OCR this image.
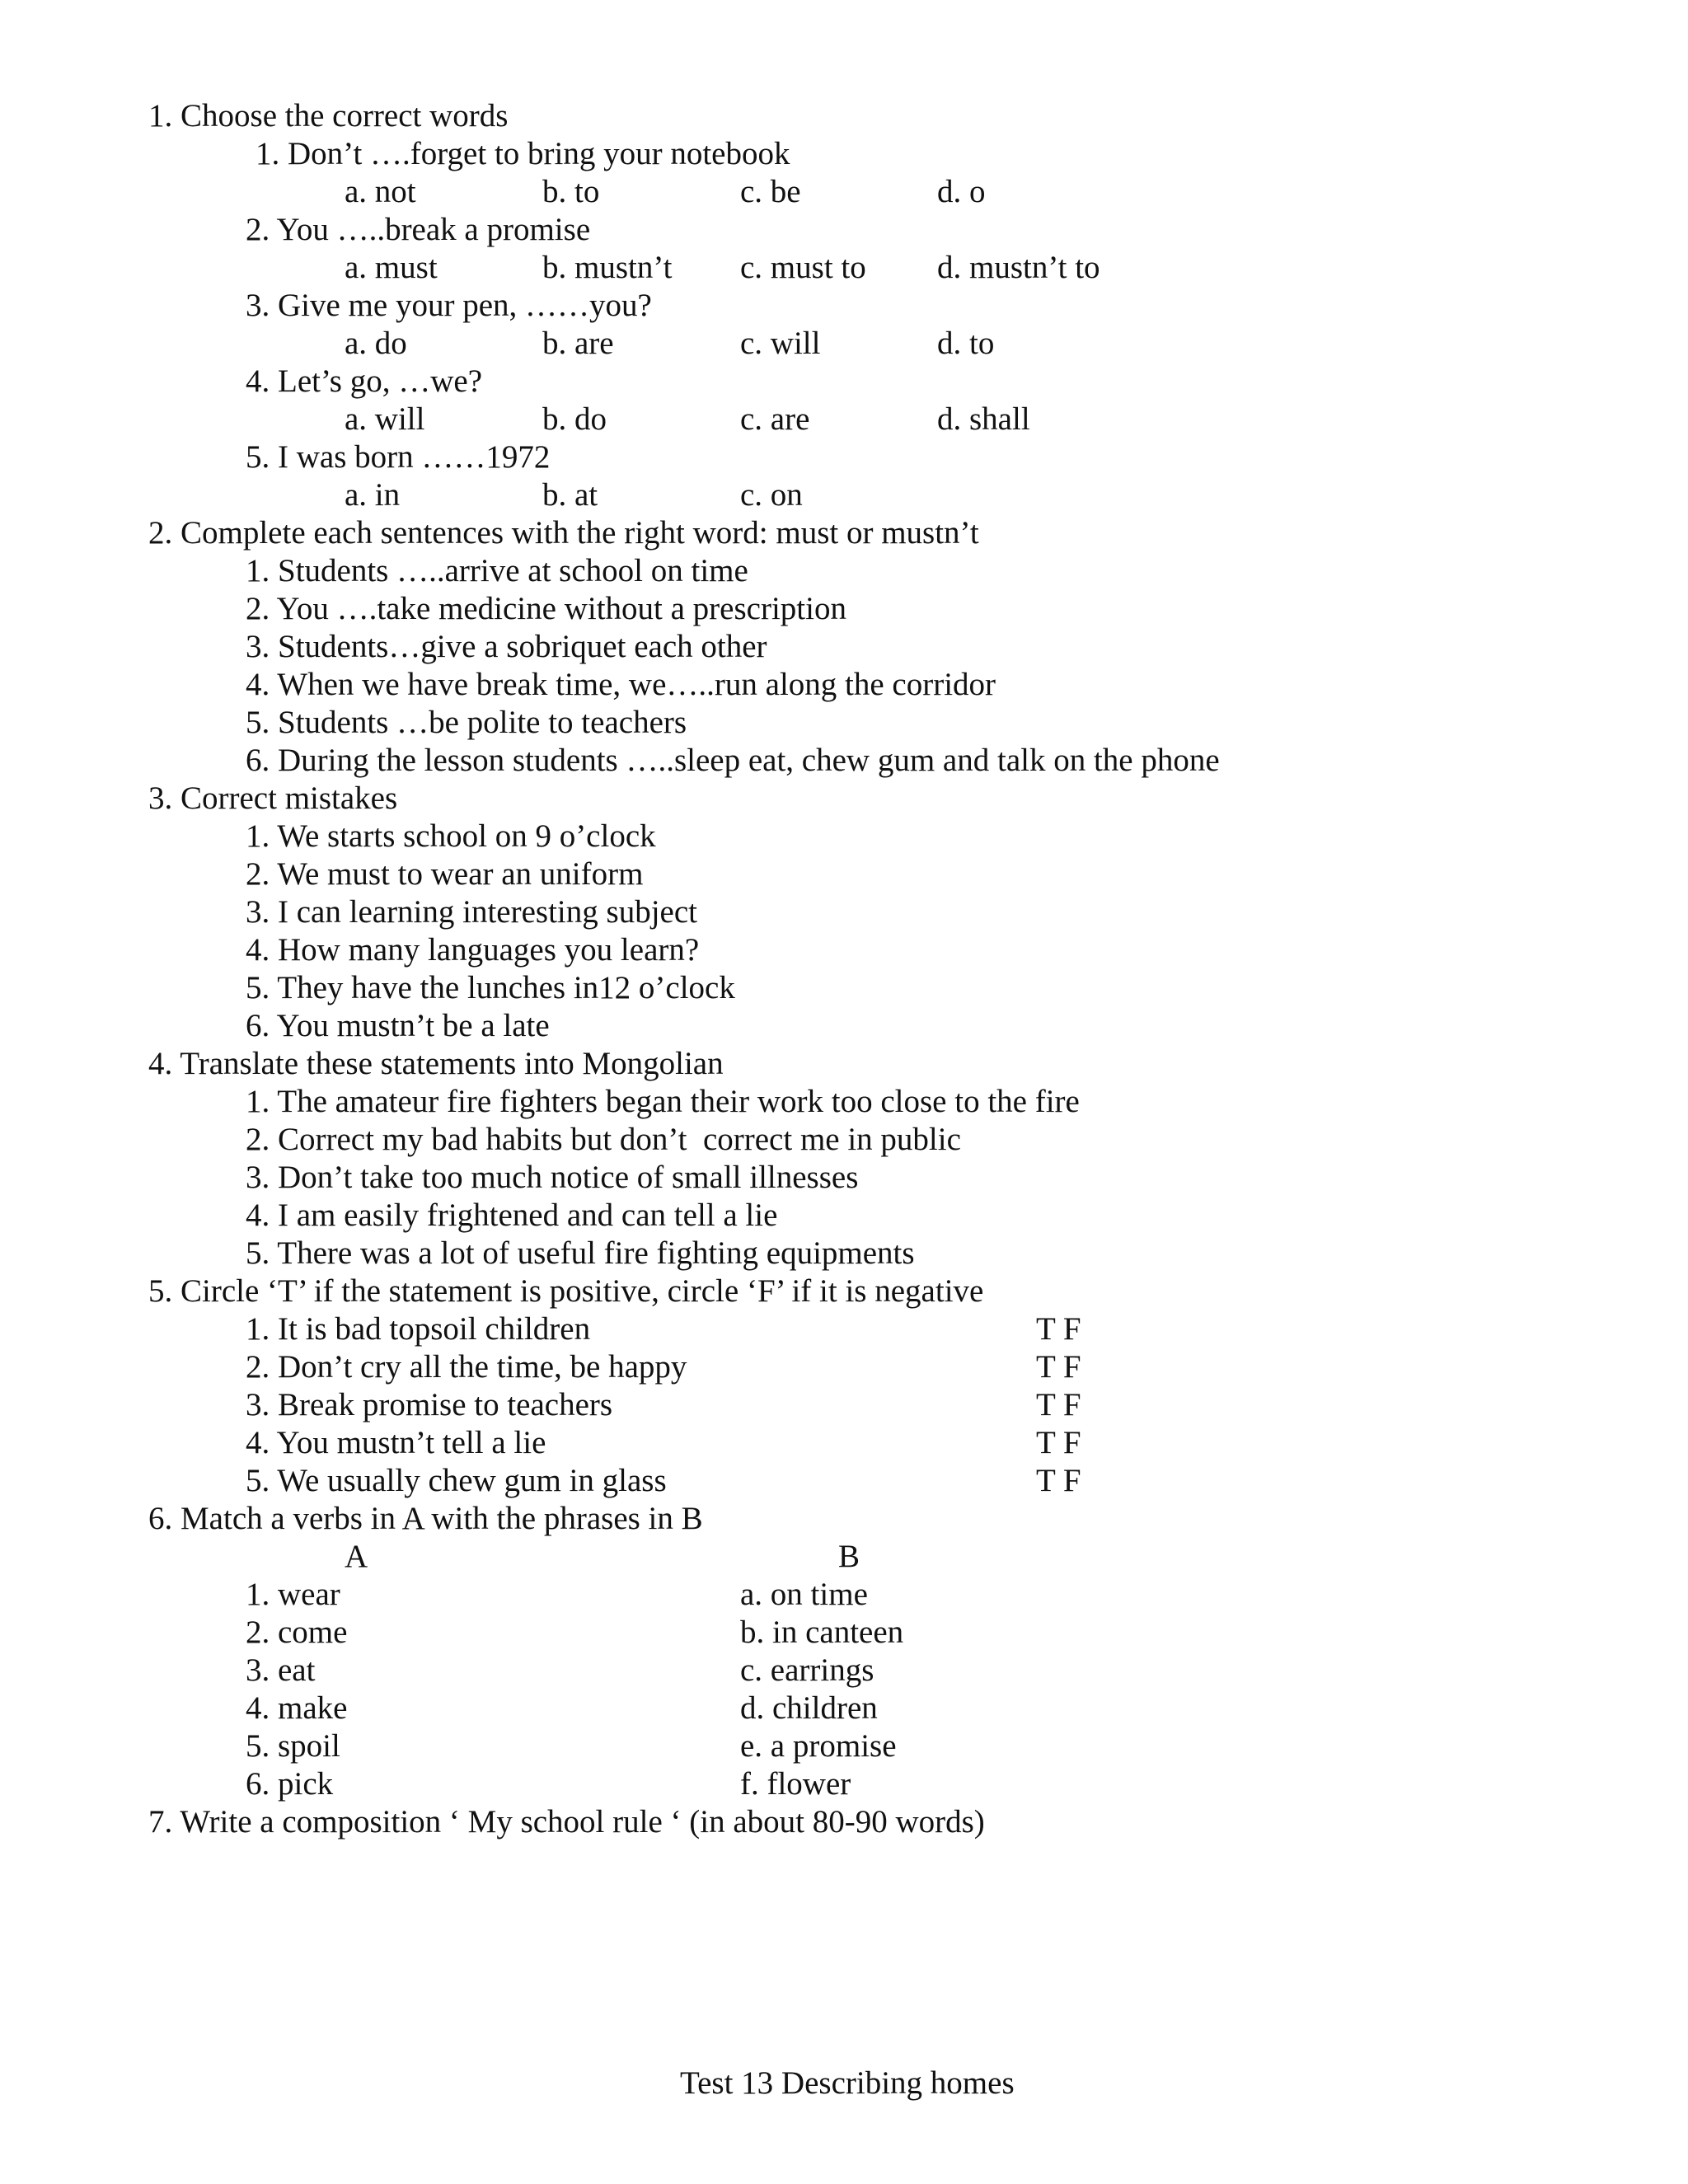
1. Choose the correct words
1. Don’t ….forget to bring your notebook
a. not	b. to	c. be	d. o
2. You …..break a promise
a. must	b. mustn’t c. must to d. mustn’t to
3. Give me your pen, ……you?
a. do	b. are	c. will	d. to
4. Let’s go, …we?
a. will	b. do	c. are	d. shall
5. I was born ……1972
a. in	b. at	c. on
2. Complete each sentences with the right word: must or mustn’t
1. Students …..arrive at school on time
2. You ….take medicine without a prescription
3. Students…give a sobriquet each other
4. When we have break time, we…..run along the corridor
5. Students …be polite to teachers
6. During the lesson students …..sleep eat, chew gum and talk on the phone
3. Correct mistakes
1. We starts school on 9 o’clock
2. We must to wear an uniform
3. I can learning interesting subject
4. How many languages you learn?
5. They have the lunches in12 o’clock
6. You mustn’t be a late
4. Translate these statements into Mongolian
1. The amateur fire fighters began their work too close to the fire
2. Correct my bad habits but don’t  correct me in public
3. Don’t take too much notice of small illnesses
4. I am easily frightened and can tell a lie
5. There was a lot of useful fire fighting equipments
5. Circle ‘T’ if the statement is positive, circle ‘F’ if it is negative
1. It is bad topsoil children	T F
2. Don’t cry all the time, be happy	T F
3. Break promise to teachers	T F
4. You mustn’t tell a lie	T F
5. We usually chew gum in glass	T F
6. Match a verbs in A with the phrases in B
A	B
1. wear	a. on time
2. come	b. in canteen
3. eat	c. earrings
4. make	d. children
5. spoil	e. a promise
6. pick	f. flower
7. Write a composition ‘ My school rule ‘ (in about 80-90 words)
Test 13 Describing homes
